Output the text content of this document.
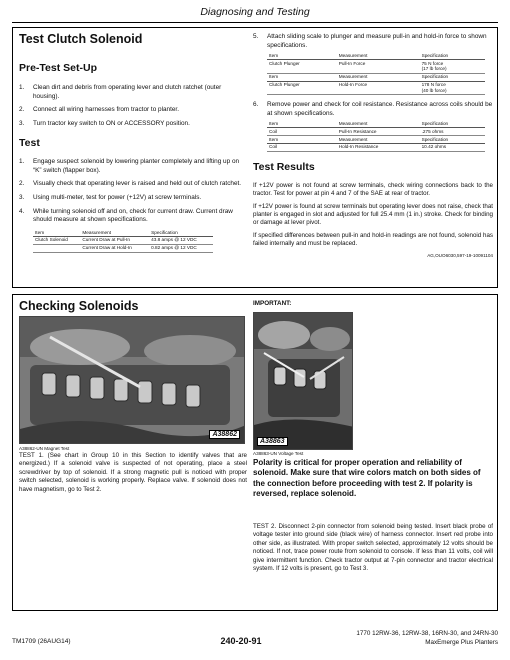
Diagnosing and Testing
Test Clutch Solenoid
Pre-Test Set-Up
1. Clean dirt and debris from operating lever and clutch ratchet (outer housing).
2. Connect all wiring harnesses from tractor to planter.
3. Turn tractor key switch to ON or ACCESSORY position.
Test
1. Engage suspect solenoid by lowering planter completely and lifting up on “K” switch (flapper box).
2. Visually check that operating lever is raised and held out of clutch ratchet.
3. Using multi-meter, test for power (+12V) at screw terminals.
4. While turning solenoid off and on, check for current draw. Current draw should measure at shown specifications.
Item	Measurement	Specification
Clutch Solenoid	Current Draw at Pull-In	43.8 amps @ 12 VDC
	Current Draw at Hold-In	0.82 amps @ 12 VDC
5. Attach sliding scale to plunger and measure pull-in and hold-in force to shown specifications.
Item	Measurement	Specification

Clutch Plunger	Pull-In Force	75 N force
(17 lb force)

Item	Measurement	Specification

Clutch Plunger	Hold-In Force	178 N force
(40 lb force)
6. Remove power and check for coil resistance. Resistance across coils should be at shown specifications.
Item	Measurement	Specification

Coil	Pull-In Resistance	.275 ohms

Item	Measurement	Specification

Coil	Hold-In Resistance	10.42 ohms
Test Results
If +12V power is not found at screw terminals, check wiring connections back to the tractor. Test for power at pin 4 and 7 of the SAE at rear of tractor.
If +12V power is found at screw terminals but operating lever does not raise, check that planter is engaged in slot and adjusted for full 25.4 mm (1 in.) stroke. Check for binding or damage at lever pivot.
If specified differences between pull-in and hold-in readings are not found, solenoid has failed internally and must be replaced.
AG,OUO6030,597-19-10091104
Checking Solenoids
A38862
A38862-UN Magnet Test
TEST 1. (See chart in Group 10 in this Section to identify valves that are energized.) If a solenoid valve is suspected of not operating, place a steel screwdriver by top of solenoid. If a strong magnetic pull is noticed with proper switch selected, solenoid is working properly. Replace valve. If solenoid does not have magnetism, go to Test 2.
IMPORTANT:
A38863
A38863-UN Voltage Test
Polarity is critical for proper operation and reliability of solenoid. Make sure that wire colors match on both sides of the connection before proceeding with test 2. If polarity is reversed, replace solenoid.
TEST 2. Disconnect 2-pin connector from solenoid being tested. Insert black probe of voltage tester into ground side (black wire) of harness connector. Insert red probe into other side, as illustrated. With proper switch selected, approximately 12 volts should be noticed. If not, trace power route from solenoid to console. If less than 11 volts, coil will give intermittent function. Check tractor output at 7-pin connector and tractor electrical system. If 12 volts is present, go to Test 3.
TM1709 (26AUG14)	240-20-91
1770 12RW-36, 12RW-38, 16RN-30, and 24RN-30
MaxEmerge Plus Planters
